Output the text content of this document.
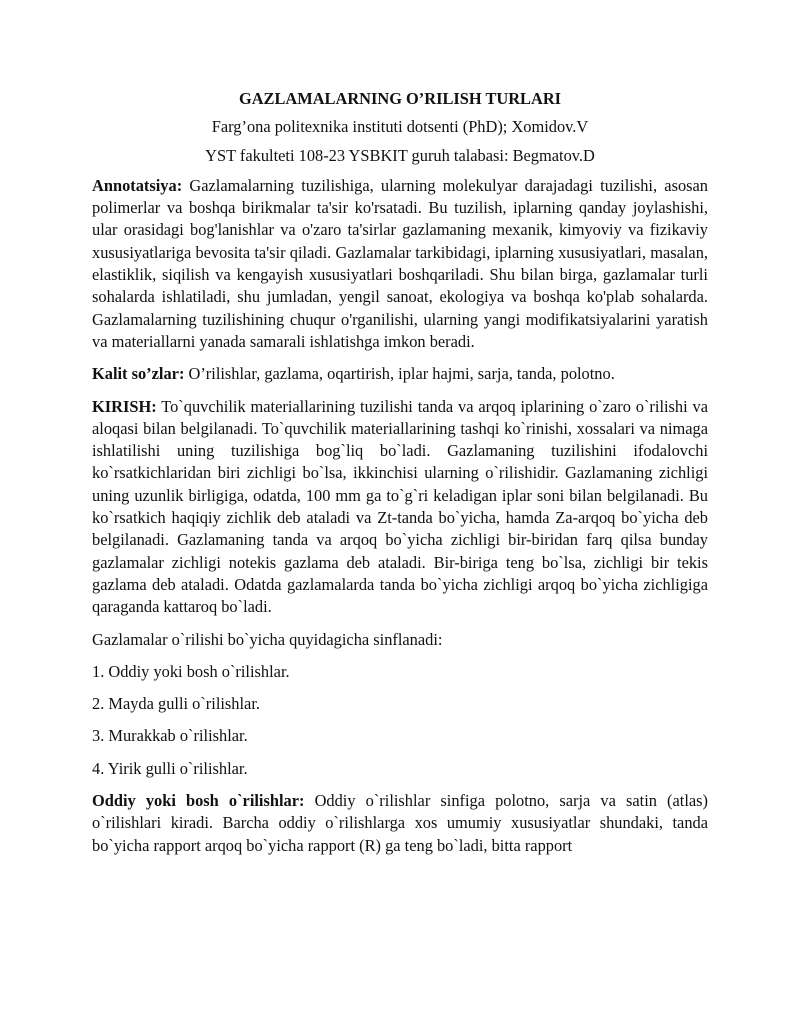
GAZLAMALARNING O’RILISH TURLARI

Farg’ona politexnika instituti dotsenti (PhD); Xomidov.V

YST fakulteti 108-23 YSBKIT guruh talabasi: Begmatov.D

Annotatsiya: Gazlamalarning tuzilishiga, ularning molekulyar darajadagi tuzilishi, asosan polimerlar va boshqa birikmalar ta'sir ko'rsatadi. Bu tuzilish, iplarning qanday joylashishi, ular orasidagi bog'lanishlar va o'zaro ta'sirlar gazlamaning mexanik, kimyoviy va fizikaviy xususiyatlariga bevosita ta'sir qiladi. Gazlamalar tarkibidagi, iplarning xususiyatlari, masalan, elastiklik, siqilish va kengayish xususiyatlari boshqariladi. Shu bilan birga, gazlamalar turli sohalarda ishlatiladi, shu jumladan, yengil sanoat, ekologiya va boshqa ko'plab sohalarda. Gazlamalarning tuzilishining chuqur o'rganilishi, ularning yangi modifikatsiyalarini yaratish va materiallarni yanada samarali ishlatishga imkon beradi.

Kalit so’zlar: O’rilishlar, gazlama, oqartirish, iplar hajmi, sarja, tanda, polotno.

KIRISH: To`quvchilik materiallarining tuzilishi tanda va arqoq iplarining o`zaro o`rilishi va aloqasi bilan belgilanadi. To`quvchilik materiallarining tashqi ko`rinishi, xossalari va nimaga ishlatilishi uning tuzilishiga bog`liq bo`ladi. Gazlamaning tuzilishini ifodalovchi ko`rsatkichlaridan biri zichligi bo`lsa, ikkinchisi ularning o`rilishidir. Gazlamaning zichligi uning uzunlik birligiga, odatda, 100 mm ga to`g`ri keladigan iplar soni bilan belgilanadi. Bu ko`rsatkich haqiqiy zichlik deb ataladi va Zt-tanda bo`yicha, hamda Za-arqoq bo`yicha deb belgilanadi. Gazlamaning tanda va arqoq bo`yicha zichligi bir-biridan farq qilsa bunday gazlamalar zichligi notekis gazlama deb ataladi. Bir-biriga teng bo`lsa, zichligi bir tekis gazlama deb ataladi. Odatda gazlamalarda tanda bo`yicha zichligi arqoq bo`yicha zichligiga qaraganda kattaroq bo`ladi.

Gazlamalar o`rilishi bo`yicha quyidagicha sinflanadi:

1. Oddiy yoki bosh o`rilishlar.

2. Mayda gulli o`rilishlar.

3. Murakkab o`rilishlar.

4. Yirik gulli o`rilishlar.

Oddiy yoki bosh o`rilishlar: Oddiy o`rilishlar sinfiga polotno, sarja va satin (atlas) o`rilishlari kiradi. Barcha oddiy o`rilishlarga xos umumiy xususiyatlar shundaki, tanda bo`yicha rapport arqoq bo`yicha rapport (R) ga teng bo`ladi, bitta rapport
